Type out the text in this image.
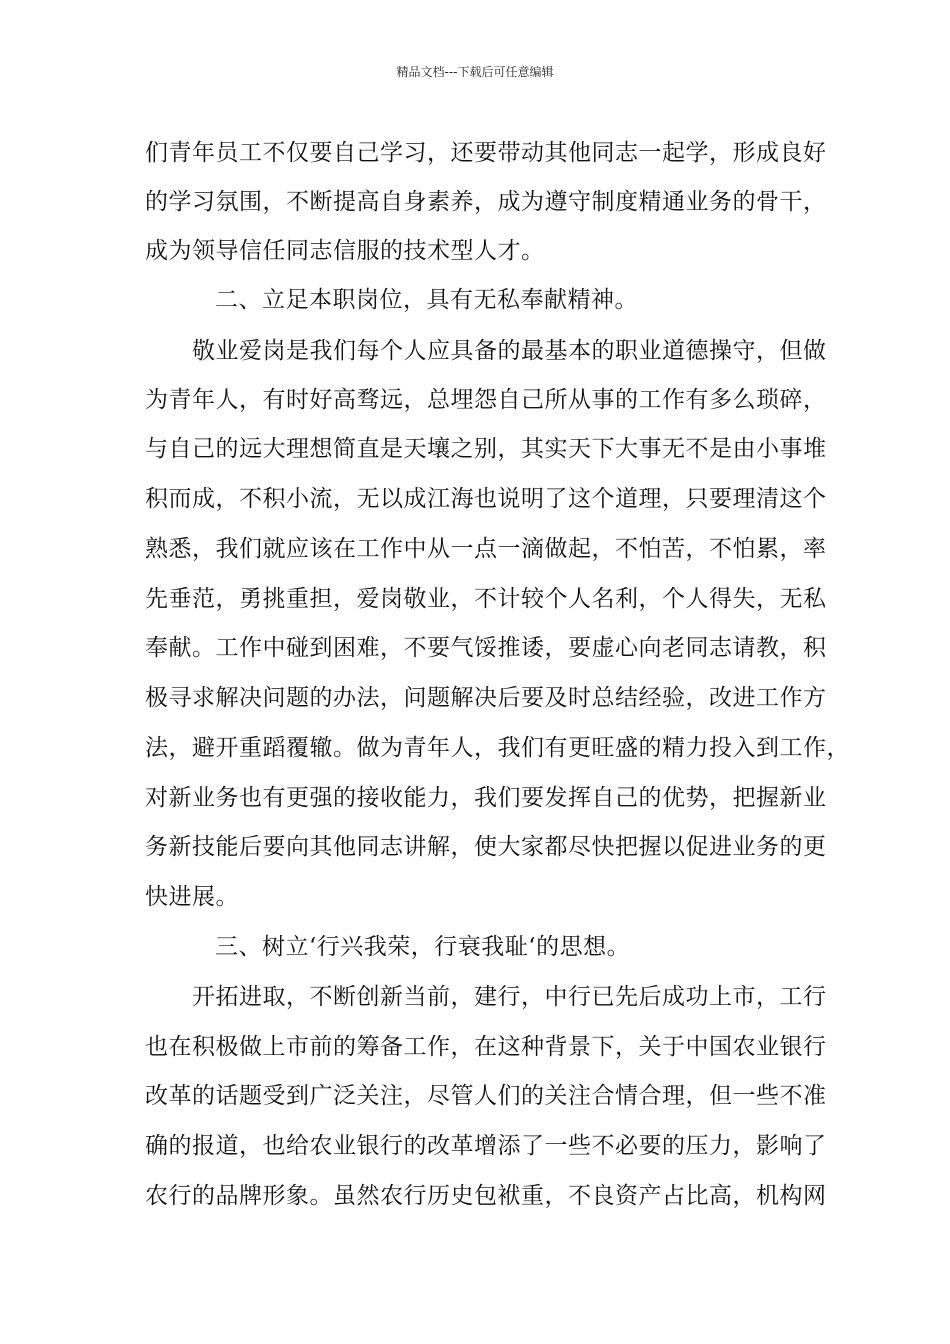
精品文档---下载后可任意编辑
们青年员工不仅要自己学习，还要带动其他同志一起学，形成良好
的学习氛围，不断提高自身素养，成为遵守制度精通业务的骨干，
成为领导信任同志信服的技术型人才。
二、立足本职岗位，具有无私奉献精神。
敬业爱岗是我们每个人应具备的最基本的职业道德操守，但做
为青年人，有时好高骛远，总埋怨自己所从事的工作有多么琐碎，
与自己的远大理想简直是天壤之别，其实天下大事无不是由小事堆
积而成，不积小流，无以成江海也说明了这个道理，只要理清这个
熟悉，我们就应该在工作中从一点一滴做起，不怕苦，不怕累，率
先垂范，勇挑重担，爱岗敬业，不计较个人名利，个人得失，无私
奉献。工作中碰到困难，不要气馁推诿，要虚心向老同志请教，积
极寻求解决问题的办法，问题解决后要及时总结经验，改进工作方
法，避开重蹈覆辙。做为青年人，我们有更旺盛的精力投入到工作，
对新业务也有更强的接收能力，我们要发挥自己的优势，把握新业
务新技能后要向其他同志讲解，使大家都尽快把握以促进业务的更
快进展。
三、树立‘行兴我荣，行衰我耻‘的思想。
开拓进取，不断创新当前，建行，中行已先后成功上市，工行
也在积极做上市前的筹备工作，在这种背景下，关于中国农业银行
改革的话题受到广泛关注，尽管人们的关注合情合理，但一些不准
确的报道，也给农业银行的改革增添了一些不必要的压力，影响了
农行的品牌形象。虽然农行历史包袱重，不良资产占比高，机构网
